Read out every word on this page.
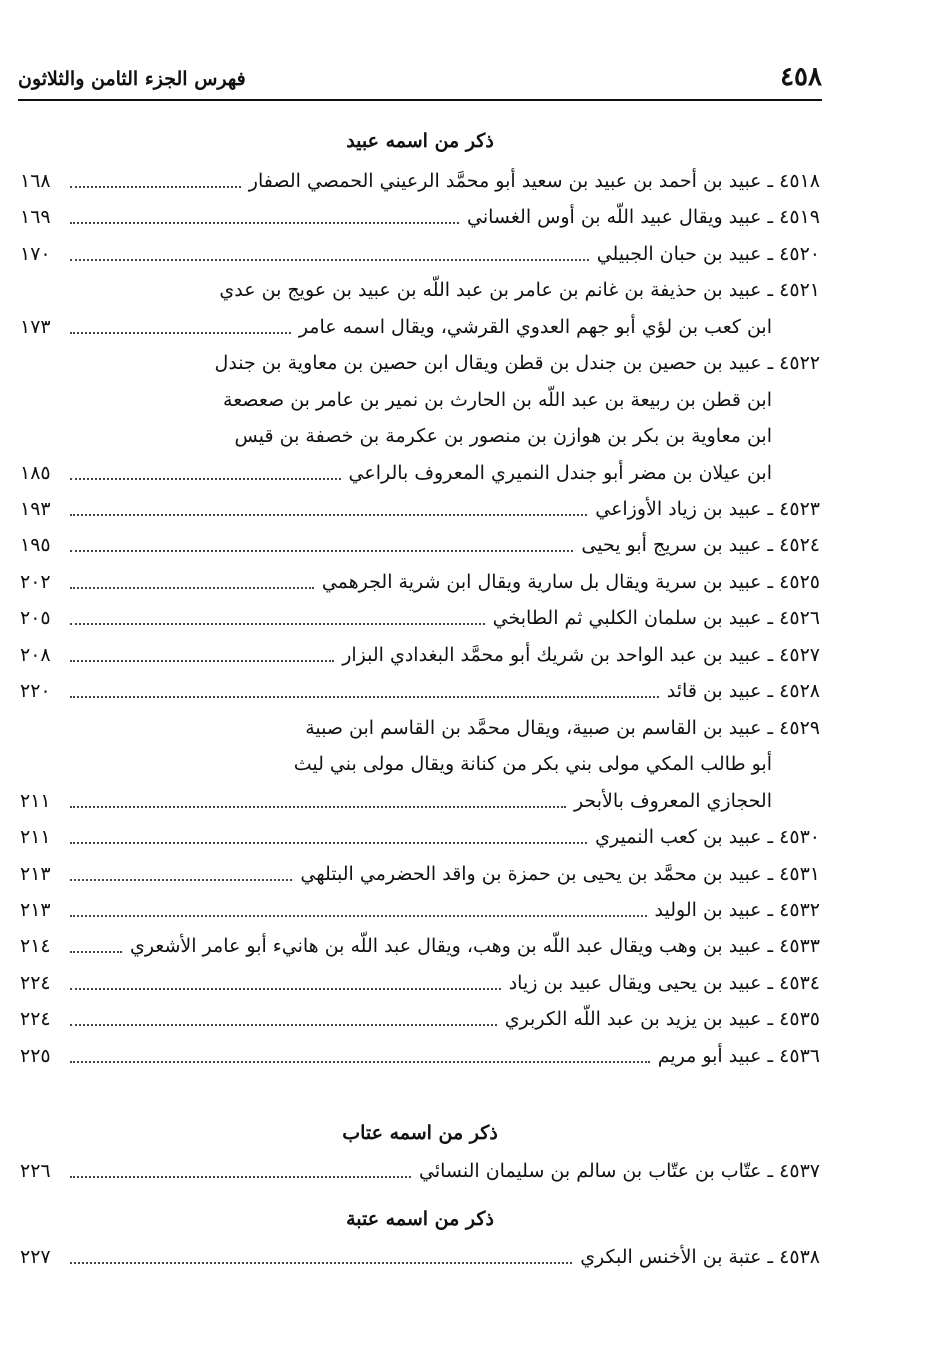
٤٥٨
فهرس الجزء الثامن والثلاثون
ذكر من اسمه عبيد
٤٥١٨ ـ عبيد بن أحمد بن عبيد بن سعيد أبو محمَّد الرعيني الحمصي الصفار
١٦٨
٤٥١٩ ـ عبيد ويقال عبيد اللّه بن أوس الغساني
١٦٩
٤٥٢٠ ـ عبيد بن حبان الجبيلي
١٧٠
٤٥٢١ ـ عبيد بن حذيفة بن غانم بن عامر بن عبد اللّه بن عبيد بن عويج بن عدي
ابن كعب بن لؤي أبو جهم العدوي القرشي، ويقال اسمه عامر
١٧٣
٤٥٢٢ ـ عبيد بن حصين بن جندل بن قطن ويقال ابن حصين بن معاوية بن جندل
ابن قطن بن ربيعة بن عبد اللّه بن الحارث بن نمير بن عامر بن صعصعة
ابن معاوية بن بكر بن هوازن بن منصور بن عكرمة بن خصفة بن قيس
ابن عيلان بن مضر أبو جندل النميري المعروف بالراعي
١٨٥
٤٥٢٣ ـ عبيد بن زياد الأوزاعي
١٩٣
٤٥٢٤ ـ عبيد بن سريج أبو يحيى
١٩٥
٤٥٢٥ ـ عبيد بن سرية ويقال بل سارية ويقال ابن شرية الجرهمي
٢٠٢
٤٥٢٦ ـ عبيد بن سلمان الكلبي ثم الطابخي
٢٠٥
٤٥٢٧ ـ عبيد بن عبد الواحد بن شريك أبو محمَّد البغدادي البزار
٢٠٨
٤٥٢٨ ـ عبيد بن قائد
٢٢٠
٤٥٢٩ ـ عبيد بن القاسم بن صبية، ويقال محمَّد بن القاسم ابن صبية
أبو طالب المكي مولى بني بكر من كنانة ويقال مولى بني ليث
الحجازي المعروف بالأبحر
٢١١
٤٥٣٠ ـ عبيد بن كعب النميري
٢١١
٤٥٣١ ـ عبيد بن محمَّد بن يحيى بن حمزة بن واقد الحضرمي البتلهي
٢١٣
٤٥٣٢ ـ عبيد بن الوليد
٢١٣
٤٥٣٣ ـ عبيد بن وهب ويقال عبد اللّه بن وهب، ويقال عبد اللّه بن هانيء أبو عامر الأشعري
٢١٤
٤٥٣٤ ـ عبيد بن يحيى ويقال عبيد بن زياد
٢٢٤
٤٥٣٥ ـ عبيد بن يزيد بن عبد اللّه الكربري
٢٢٤
٤٥٣٦ ـ عبيد أبو مريم
٢٢٥
ذكر من اسمه عتاب
٤٥٣٧ ـ عتّاب بن عتّاب بن سالم بن سليمان النسائي
٢٢٦
ذكر من اسمه عتبة
٤٥٣٨ ـ عتبة بن الأخنس البكري
٢٢٧
